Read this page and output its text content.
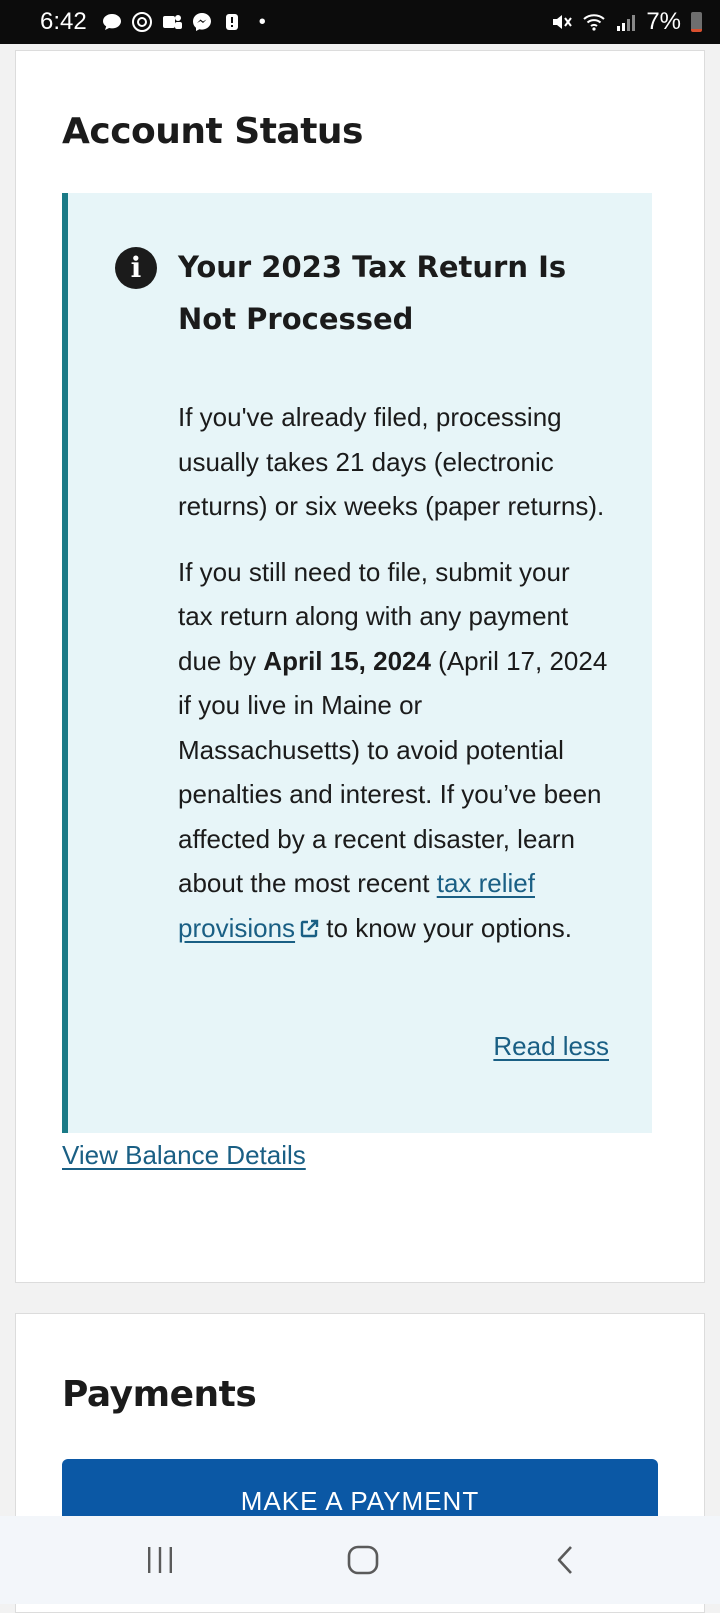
6:42	•	7%
Account Status
i	Your 2023 Tax Return Is Not Processed

If you've already filed, processing usually takes 21 days (electronic returns) or six weeks (paper returns).

If you still need to file, submit your tax return along with any payment due by April 15, 2024 (April 17, 2024 if you live in Maine or Massachusetts) to avoid potential penalties and interest. If you’ve been affected by a recent disaster, learn about the most recent tax relief provisions to know your options.

Read less
View Balance Details
Payments
MAKE A PAYMENT
